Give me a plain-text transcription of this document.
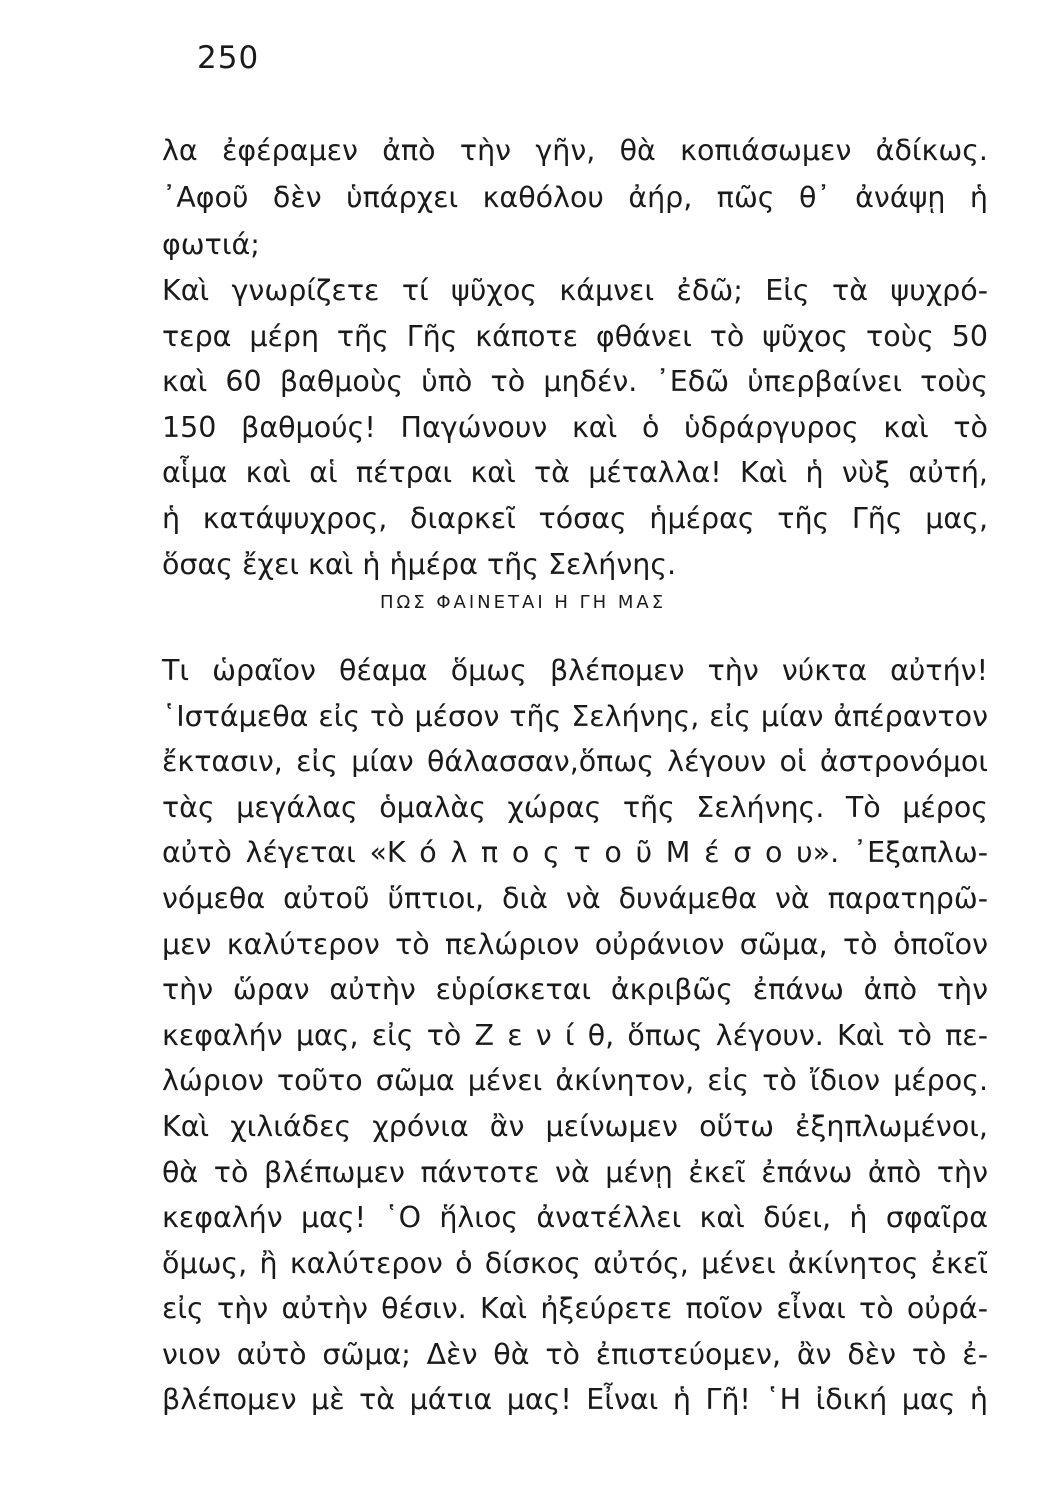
250
λα ἐφέραμεν ἀπὸ τὴν γῆν, θὰ κοπιάσωμεν ἀδίκως.
᾿Αφοῦ δὲν ὑπάρχει καθόλου ἀήρ, πῶς θ᾿ ἀνάψῃ ἡ
φωτιά;
Καὶ γνωρίζετε τί ψῦχος κάμνει ἐδῶ; Εἰς τὰ ψυχρό-
τερα μέρη τῆς Γῆς κάποτε φθάνει τὸ ψῦχος τοὺς 50
καὶ 60 βαθμοὺς ὑπὸ τὸ μηδέν. ᾿Εδῶ ὑπερβαίνει τοὺς
150 βαθμούς! Παγώνουν καὶ ὁ ὑδράργυρος καὶ τὸ
αἷμα καὶ αἱ πέτραι καὶ τὰ μέταλλα! Καὶ ἡ νὺξ αὐτή,
ἡ κατάψυχρος, διαρκεῖ τόσας ἡμέρας τῆς Γῆς μας,
ὅσας ἔχει καὶ ἡ ἡμέρα τῆς Σελήνης.
ΠΩΣ ΦΑΙΝΕΤΑΙ Η ΓΗ ΜΑΣ
Τι ὡραῖον θέαμα ὅμως βλέπομεν τὴν νύκτα αὐτήν!
῾Ιστάμεθα εἰς τὸ μέσον τῆς Σελήνης, εἰς μίαν ἀπέραντον
ἔκτασιν, εἰς μίαν θάλασσαν,ὅπως λέγουν οἱ ἀστρονόμοι
τὰς μεγάλας ὁμαλὰς χώρας τῆς Σελήνης. Τὸ μέρος
αὐτὸ λέγεται «Κ ό λ π ο ς τ ο ῦ Μ έ σ ο υ». ᾿Εξαπλω-
νόμεθα αὐτοῦ ὕπτιοι, διὰ νὰ δυνάμεθα νὰ παρατηρῶ-
μεν καλύτερον τὸ πελώριον οὐράνιον σῶμα, τὸ ὁποῖον
τὴν ὥραν αὐτὴν εὑρίσκεται ἀκριβῶς ἐπάνω ἀπὸ τὴν
κεφαλήν μας, εἰς τὸ Ζ ε ν ί θ, ὅπως λέγουν. Καὶ τὸ πε-
λώριον τοῦτο σῶμα μένει ἀκίνητον, εἰς τὸ ἴδιον μέρος.
Καὶ χιλιάδες χρόνια ἂν μείνωμεν οὕτω ἐξηπλωμένοι,
θὰ τὸ βλέπωμεν πάντοτε νὰ μένῃ ἐκεῖ ἐπάνω ἀπὸ τὴν
κεφαλήν μας! ῾Ο ἥλιος ἀνατέλλει καὶ δύει, ἡ σφαῖρα
ὅμως, ἢ καλύτερον ὁ δίσκος αὐτός, μένει ἀκίνητος ἐκεῖ
εἰς τὴν αὐτὴν θέσιν. Καὶ ἠξεύρετε ποῖον εἶναι τὸ οὐρά-
νιον αὐτὸ σῶμα; Δὲν θὰ τὸ ἐπιστεύομεν, ἂν δὲν τὸ ἐ-
βλέπομεν μὲ τὰ μάτια μας! Εἶναι ἡ Γῆ! ῾Η ἰδική μας ἡ
